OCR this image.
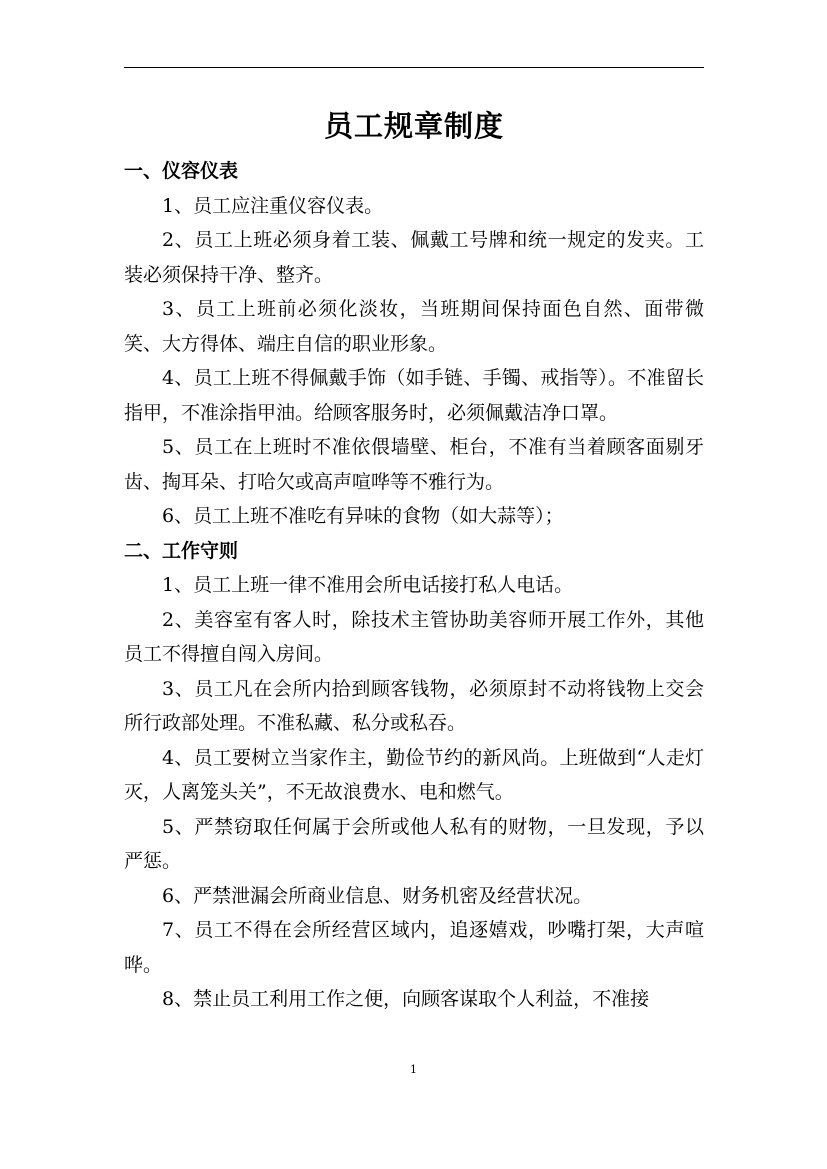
员工规章制度

一、仪容仪表

1、员工应注重仪容仪表。

2、员工上班必须身着工装、佩戴工号牌和统一规定的发夹。工装必须保持干净、整齐。

3、员工上班前必须化淡妆，当班期间保持面色自然、面带微笑、大方得体、端庄自信的职业形象。

4、员工上班不得佩戴手饰（如手链、手镯、戒指等）。不准留长指甲，不准涂指甲油。给顾客服务时，必须佩戴洁净口罩。

5、员工在上班时不准依偎墙壁、柜台，不准有当着顾客面剔牙齿、掏耳朵、打哈欠或高声喧哗等不雅行为。

6、员工上班不准吃有异味的食物（如大蒜等）；

二、工作守则

1、员工上班一律不准用会所电话接打私人电话。

2、美容室有客人时，除技术主管协助美容师开展工作外，其他员工不得擅自闯入房间。

3、员工凡在会所内拾到顾客钱物，必须原封不动将钱物上交会所行政部处理。不准私藏、私分或私吞。

4、员工要树立当家作主，勤俭节约的新风尚。上班做到“人走灯灭，人离笼头关”，不无故浪费水、电和燃气。

5、严禁窃取任何属于会所或他人私有的财物，一旦发现，予以严惩。

6、严禁泄漏会所商业信息、财务机密及经营状况。

7、员工不得在会所经营区域内，追逐嬉戏，吵嘴打架，大声喧哗。

8、禁止员工利用工作之便，向顾客谋取个人利益，不准接

1
